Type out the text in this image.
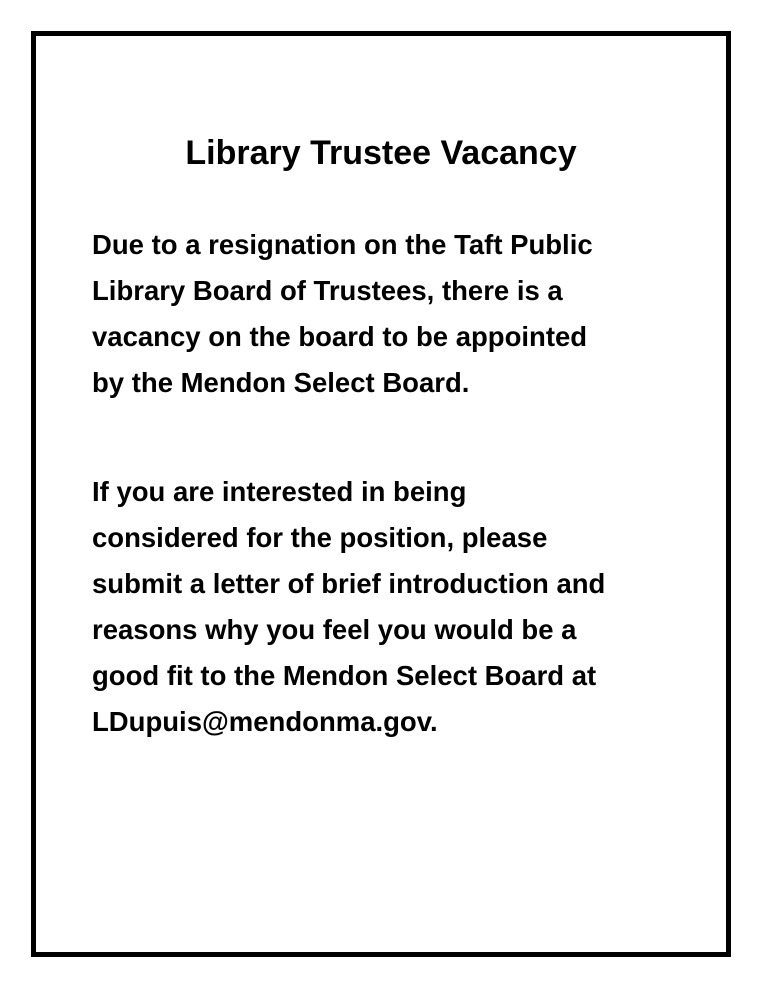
Library Trustee Vacancy

Due to a resignation on the Taft Public
Library Board of Trustees, there is a
vacancy on the board to be appointed
by the Mendon Select Board.

If you are interested in being
considered for the position, please
submit a letter of brief introduction and
reasons why you feel you would be a
good fit to the Mendon Select Board at
LDupuis@mendonma.gov.
